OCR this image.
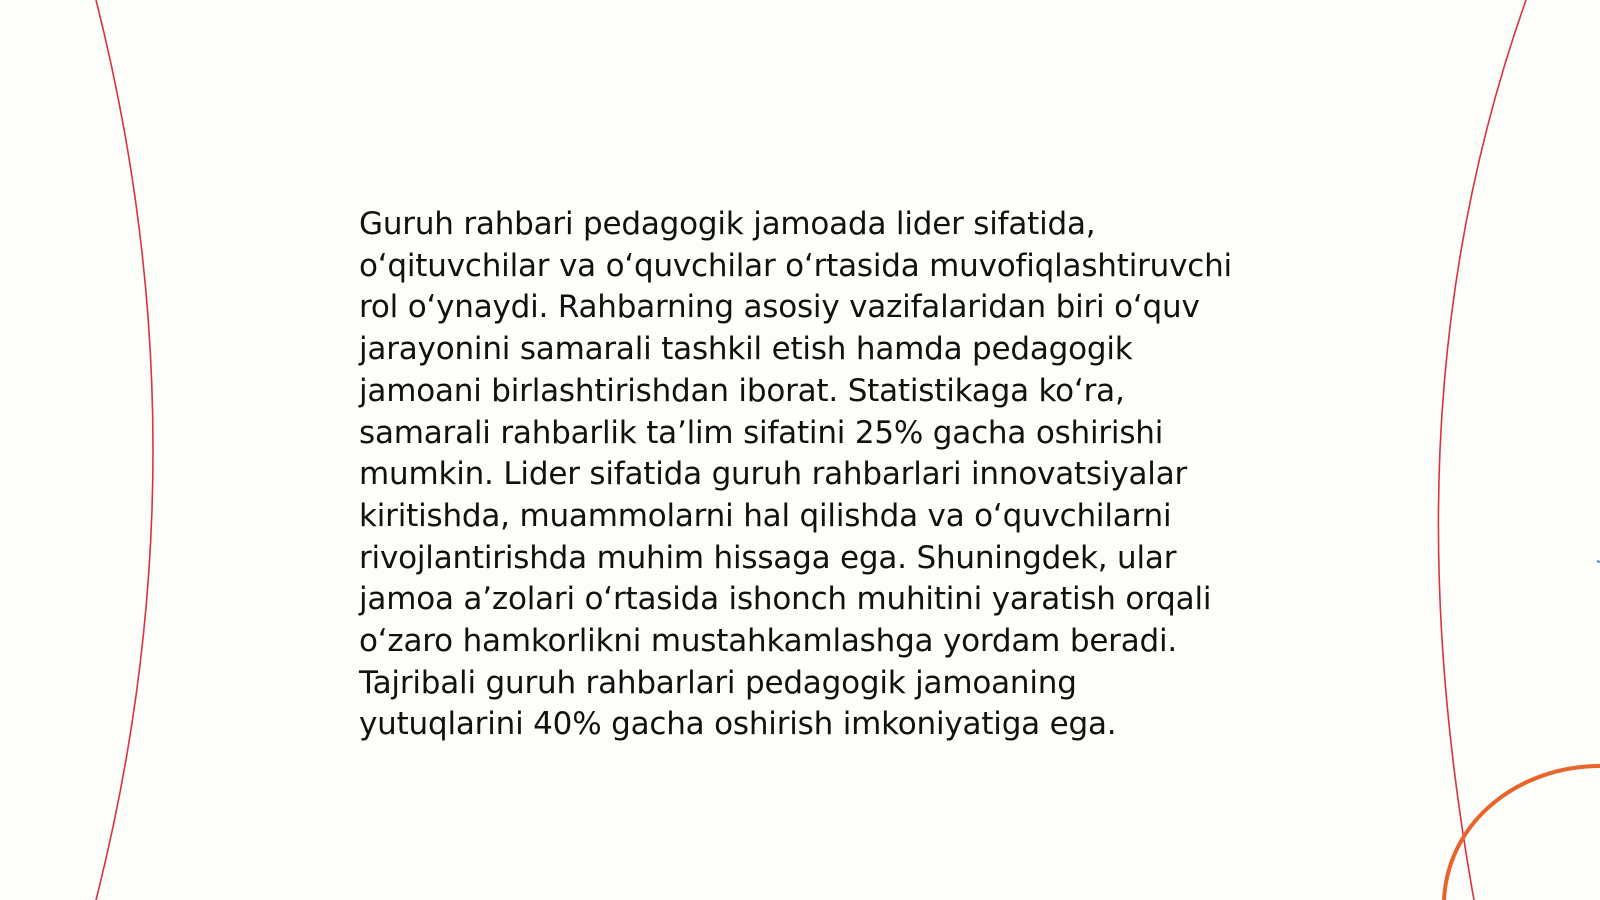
Guruh rahbari pedagogik jamoada lider sifatida, o‘qituvchilar va o‘quvchilar o‘rtasida muvofiqlashtiruvchi rol o‘ynaydi. Rahbarning asosiy vazifalaridan biri o‘quv jarayonini samarali tashkil etish hamda pedagogik jamoani birlashtirishdan iborat. Statistikaga ko‘ra, samarali rahbarlik ta’lim sifatini 25% gacha oshirishi mumkin. Lider sifatida guruh rahbarlari innovatsiyalar kiritishda, muammolarni hal qilishda va o‘quvchilarni rivojlantirishda muhim hissaga ega. Shuningdek, ular jamoa a’zolari o‘rtasida ishonch muhitini yaratish orqali o‘zaro hamkorlikni mustahkamlashga yordam beradi. Tajribali guruh rahbarlari pedagogik jamoaning yutuqlarini 40% gacha oshirish imkoniyatiga ega.
